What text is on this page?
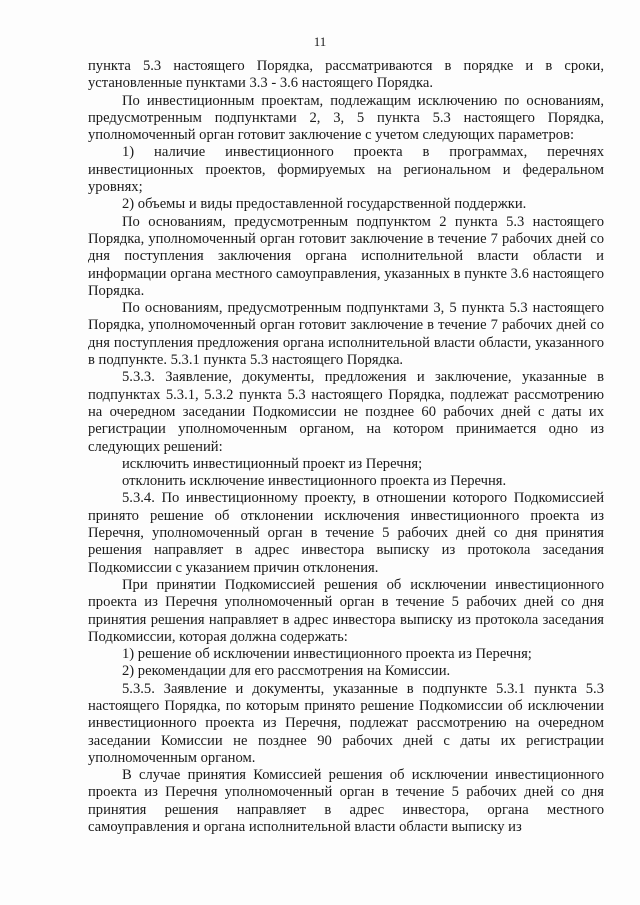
11

пункта 5.3 настоящего Порядка, рассматриваются в порядке и в сроки, установленные пунктами 3.3 - 3.6 настоящего Порядка.

По инвестиционным проектам, подлежащим исключению по основаниям, предусмотренным подпунктами 2, 3, 5 пункта 5.3 настоящего Порядка, уполномоченный орган готовит заключение с учетом следующих параметров:

1) наличие инвестиционного проекта в программах, перечнях инвестиционных проектов, формируемых на региональном и федеральном уровнях;

2) объемы и виды предоставленной государственной поддержки.

По основаниям, предусмотренным подпунктом 2 пункта 5.3 настоящего Порядка, уполномоченный орган готовит заключение в течение 7 рабочих дней со дня поступления заключения органа исполнительной власти области и информации органа местного самоуправления, указанных в пункте 3.6 настоящего Порядка.

По основаниям, предусмотренным подпунктами 3, 5 пункта 5.3 настоящего Порядка, уполномоченный орган готовит заключение в течение 7 рабочих дней со дня поступления предложения органа исполнительной власти области, указанного в подпункте. 5.3.1 пункта 5.3 настоящего Порядка.

5.3.3. Заявление, документы, предложения и заключение, указанные в подпунктах 5.3.1, 5.3.2 пункта 5.3 настоящего Порядка, подлежат рассмотрению на очередном заседании Подкомиссии не позднее 60 рабочих дней с даты их регистрации уполномоченным органом, на котором принимается одно из следующих решений:

исключить инвестиционный проект из Перечня;

отклонить исключение инвестиционного проекта из Перечня.

5.3.4. По инвестиционному проекту, в отношении которого Подкомиссией принято решение об отклонении исключения инвестиционного проекта из Перечня, уполномоченный орган в течение 5 рабочих дней со дня принятия решения направляет в адрес инвестора выписку из протокола заседания Подкомиссии с указанием причин отклонения.

При принятии Подкомиссией решения об исключении инвестиционного проекта из Перечня уполномоченный орган в течение 5 рабочих дней со дня принятия решения направляет в адрес инвестора выписку из протокола заседания Подкомиссии, которая должна содержать:

1) решение об исключении инвестиционного проекта из Перечня;

2) рекомендации для его рассмотрения на Комиссии.

5.3.5. Заявление и документы, указанные в подпункте 5.3.1 пункта 5.3 настоящего Порядка, по которым принято решение Подкомиссии об исключении инвестиционного проекта из Перечня, подлежат рассмотрению на очередном заседании Комиссии не позднее 90 рабочих дней с даты их регистрации уполномоченным органом.

В случае принятия Комиссией решения об исключении инвестиционного проекта из Перечня уполномоченный орган в течение 5 рабочих дней со дня принятия решения направляет в адрес инвестора, органа местного самоуправления и органа исполнительной власти области выписку из
